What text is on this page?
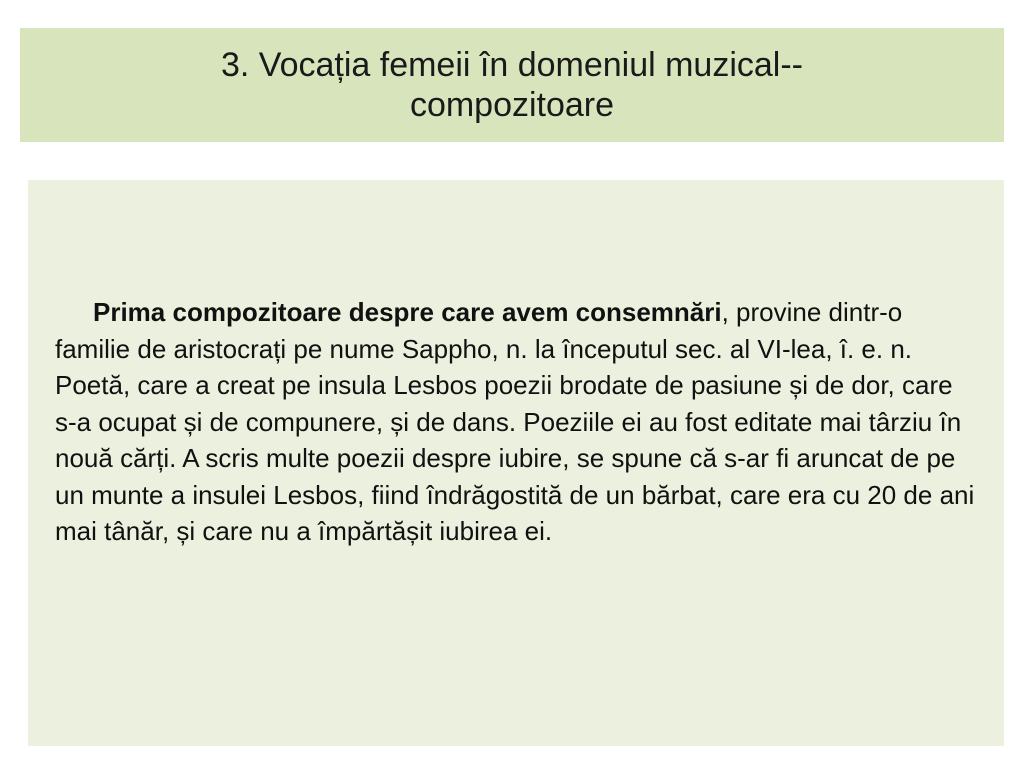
3. Vocația femeii în domeniul muzical--
compozitoare

Prima compozitoare despre care avem consemnări, provine dintr-o familie de aristocrați pe nume Sappho, n. la începutul sec. al VI-lea, î. e. n. Poetă, care a creat pe insula Lesbos poezii brodate de pasiune și de dor, care s-a ocupat și de compunere, și de dans. Poeziile ei au fost editate mai târziu în nouă cărți. A scris multe poezii despre iubire, se spune că s-ar fi aruncat de pe un munte a insulei Lesbos, fiind îndrăgostită de un bărbat, care era cu 20 de ani mai tânăr, și care nu a împărtășit iubirea ei.
